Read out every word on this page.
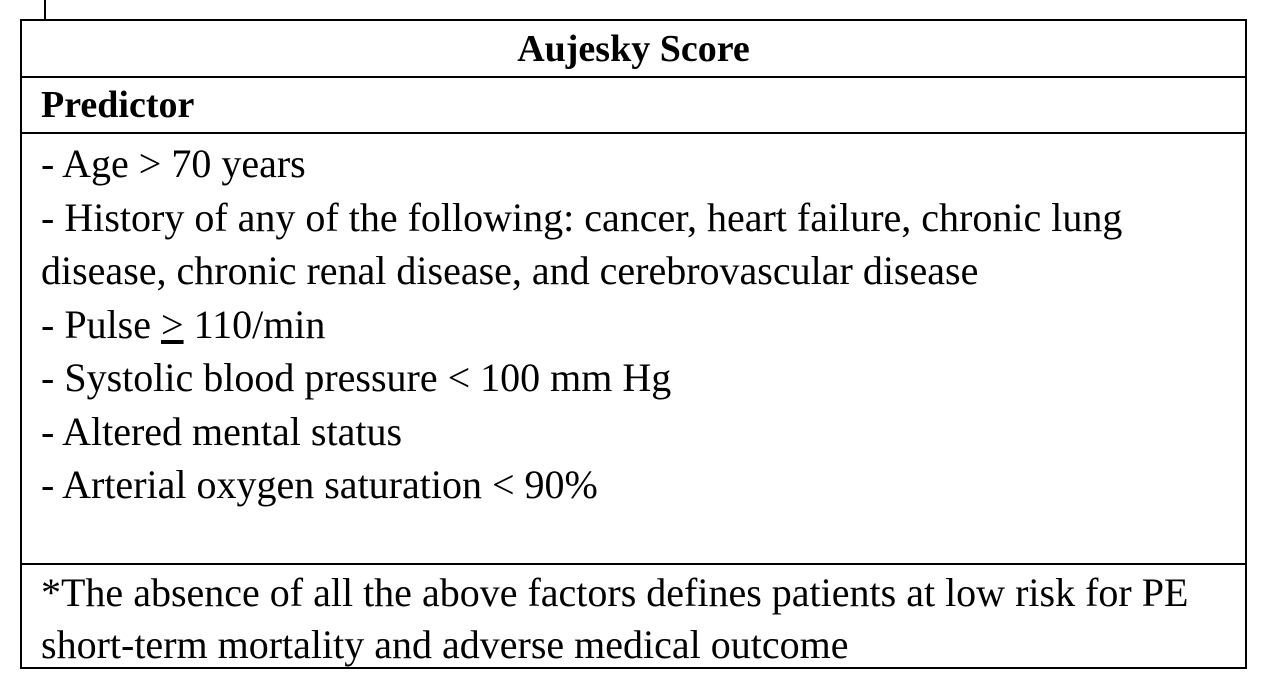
Aujesky Score
Predictor
- Age > 70 years
- History of any of the following: cancer, heart failure, chronic lung disease, chronic renal disease, and cerebrovascular disease
- Pulse > 110/min
- Systolic blood pressure < 100 mm Hg
- Altered mental status
- Arterial oxygen saturation < 90%
*The absence of all the above factors defines patients at low risk for PE short-term mortality and adverse medical outcome
